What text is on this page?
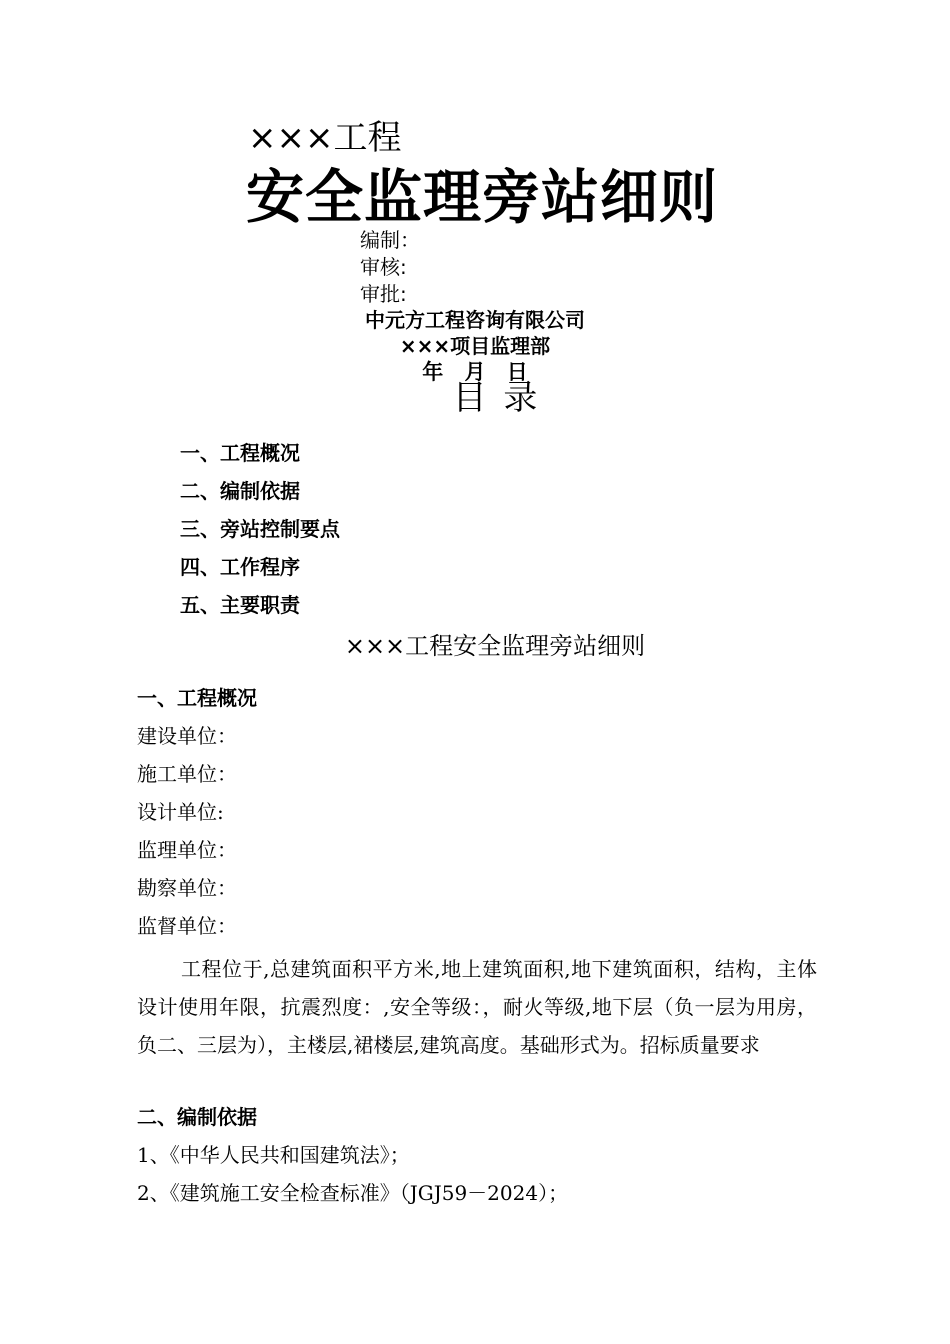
×××工程
安全监理旁站细则
编制：
审核:
审批:
中元方工程咨询有限公司
×××项目监理部
年 月 日
目 录
一、工程概况
二、编制依据
三、旁站控制要点
四、工作程序
五、主要职责
×××工程安全监理旁站细则
一、工程概况
建设单位：
施工单位：
设计单位:
监理单位：
勘察单位：
监督单位：

工程位于,总建筑面积平方米,地上建筑面积,地下建筑面积，结构，主体设计使用年限，抗震烈度：,安全等级：，耐火等级,地下层（负一层为用房，负二、三层为），主楼层,裙楼层,建筑高度。基础形式为。招标质量要求

二、编制依据
1、《中华人民共和国建筑法》；
2、《建筑施工安全检查标准》（JGJ59－2024）；
